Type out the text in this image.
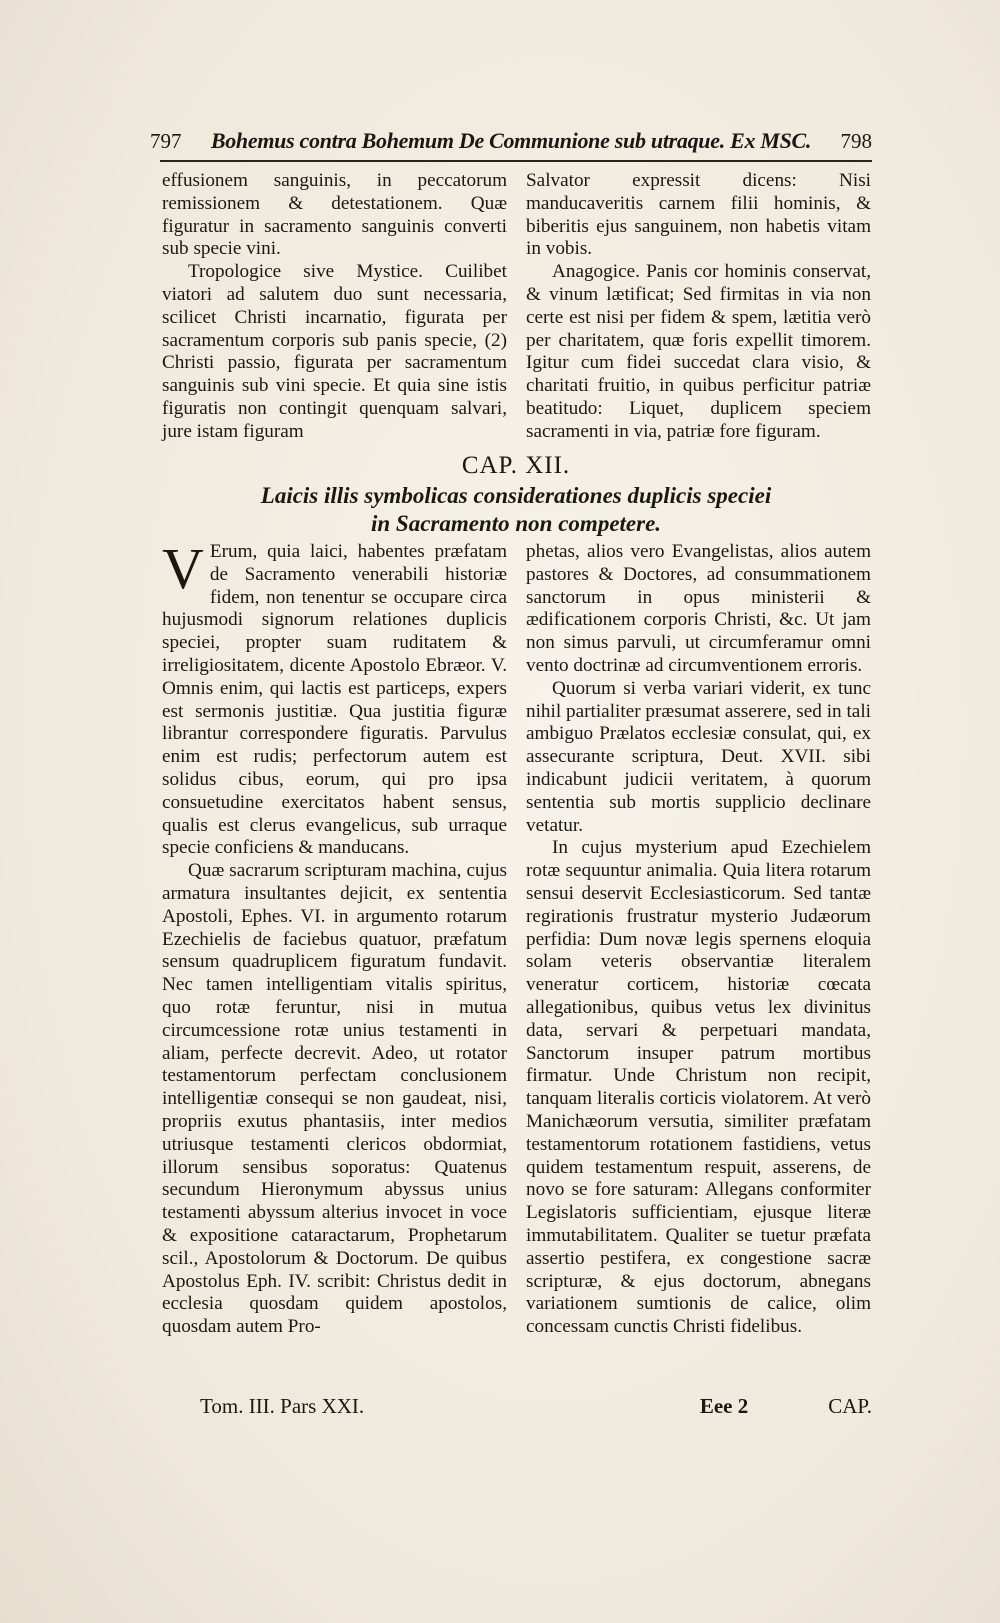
797	Bohemus contra Bohemum De Communione sub utraque. Ex MSC.	798

effusionem sanguinis, in peccatorum remissionem & detestationem. Quæ figuratur in sacramento sanguinis converti sub specie vini.

Tropologice sive Mystice. Cuilibet viatori ad salutem duo sunt necessaria, scilicet Christi incarnatio, figurata per sacramentum corporis sub panis specie, (2) Christi passio, figurata per sacramentum sanguinis sub vini specie. Et quia sine istis figuratis non contingit quenquam salvari, jure istam figuram

Salvator expressit dicens: Nisi manducaveritis carnem filii hominis, & biberitis ejus sanguinem, non habetis vitam in vobis.

Anagogice. Panis cor hominis conservat, & vinum lætificat; Sed firmitas in via non certe est nisi per fidem & spem, lætitia verò per charitatem, quæ foris expellit timorem. Igitur cum fidei succedat clara visio, & charitati fruitio, in quibus perficitur patriæ beatitudo: Liquet, duplicem speciem sacramenti in via, patriæ fore figuram.

CAP. XII.
Laicis illis symbolicas considerationes duplicis speciei
in Sacramento non competere.

V Erum, quia laici, habentes præfatam de Sacramento venerabili historiæ fidem, non tenentur se occupare circa hujusmodi signorum relationes duplicis speciei, propter suam ruditatem & irreligiositatem, dicente Apostolo Ebræor. V. Omnis enim, qui lactis est particeps, expers est sermonis justitiæ. Qua justitia figuræ librantur correspondere figuratis. Parvulus enim est rudis; perfectorum autem est solidus cibus, eorum, qui pro ipsa consuetudine exercitatos habent sensus, qualis est clerus evangelicus, sub urraque specie conficiens & manducans.

Quæ sacrarum scripturam machina, cujus armatura insultantes dejicit, ex sententia Apostoli, Ephes. VI. in argumento rotarum Ezechielis de faciebus quatuor, præfatum sensum quadruplicem figuratum fundavit. Nec tamen intelligentiam vitalis spiritus, quo rotæ feruntur, nisi in mutua circumcessione rotæ unius testamenti in aliam, perfecte decrevit. Adeo, ut rotator testamentorum perfectam conclusionem intelligentiæ consequi se non gaudeat, nisi, propriis exutus phantasiis, inter medios utriusque testamenti clericos obdormiat, illorum sensibus soporatus: Quatenus secundum Hieronymum abyssus unius testamenti abyssum alterius invocet in voce & expositione cataractarum, Prophetarum scil., Apostolorum & Doctorum. De quibus Apostolus Eph. IV. scribit: Christus dedit in ecclesia quosdam quidem apostolos, quosdam autem Pro-

phetas, alios vero Evangelistas, alios autem pastores & Doctores, ad consummationem sanctorum in opus ministerii & ædificationem corporis Christi, &c. Ut jam non simus parvuli, ut circumferamur omni vento doctrinæ ad circumventionem erroris.

Quorum si verba variari viderit, ex tunc nihil partialiter præsumat asserere, sed in tali ambiguo Prælatos ecclesiæ consulat, qui, ex assecurante scriptura, Deut. XVII. sibi indicabunt judicii veritatem, à quorum sententia sub mortis supplicio declinare vetatur.

In cujus mysterium apud Ezechielem rotæ sequuntur animalia. Quia litera rotarum sensui deservit Ecclesiasticorum. Sed tantæ regirationis frustratur mysterio Judæorum perfidia: Dum novæ legis spernens eloquia solam veteris observantiæ literalem veneratur corticem, historiæ cœcata allegationibus, quibus vetus lex divinitus data, servari & perpetuari mandata, Sanctorum insuper patrum mortibus firmatur. Unde Christum non recipit, tanquam literalis corticis violatorem. At verò Manichæorum versutia, similiter præfatam testamentorum rotationem fastidiens, vetus quidem testamentum respuit, asserens, de novo se fore saturam: Allegans conformiter Legislatoris sufficientiam, ejusque literæ immutabilitatem. Qualiter se tuetur præfata assertio pestifera, ex congestione sacræ scripturæ, & ejus doctorum, abnegans variationem sumtionis de calice, olim concessam cunctis Christi fidelibus.

Tom. III. Pars XXI.	Eee 2	CAP.
